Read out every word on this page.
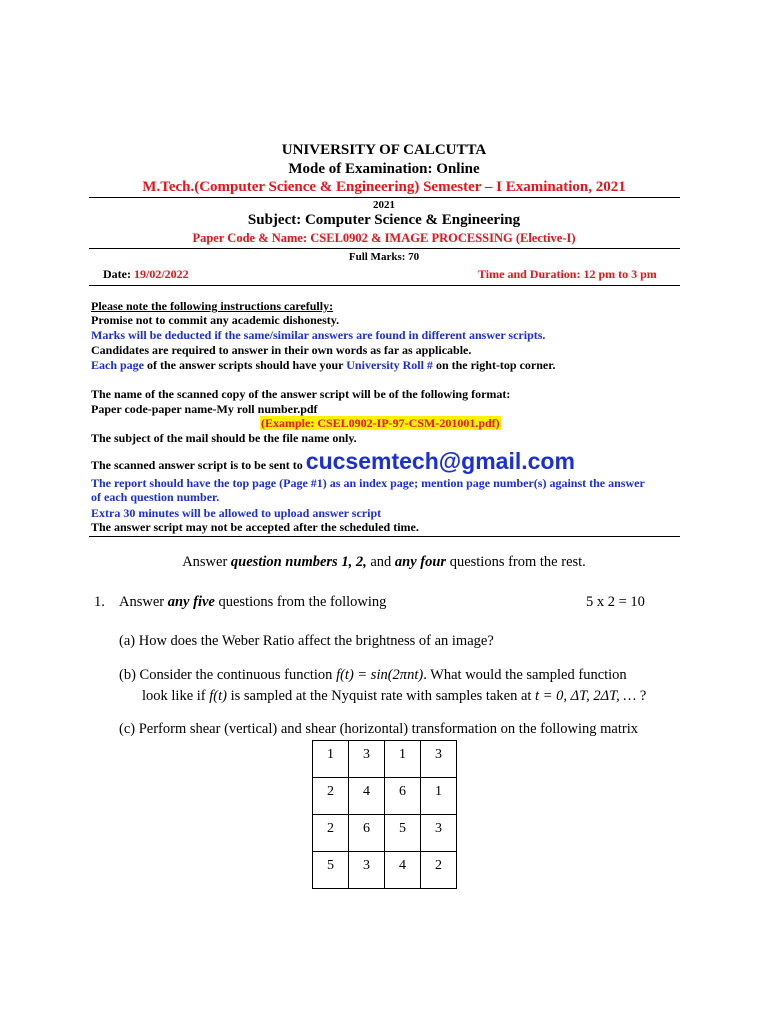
UNIVERSITY OF CALCUTTA
Mode of Examination: Online
M.Tech.(Computer Science & Engineering) Semester – I Examination, 2021
2021
Subject: Computer Science & Engineering
Paper Code & Name: CSEL0902 & IMAGE PROCESSING (Elective-I)
Full Marks: 70
Date: 19/02/2022	Time and Duration: 12 pm to 3 pm
Please note the following instructions carefully:
Promise not to commit any academic dishonesty.
Marks will be deducted if the same/similar answers are found in different answer scripts.
Candidates are required to answer in their own words as far as applicable.
Each page of the answer scripts should have your University Roll # on the right-top corner.
The name of the scanned copy of the answer script will be of the following format:
Paper code-paper name-My roll number.pdf
(Example: CSEL0902-IP-97-CSM-201001.pdf)
The subject of the mail should be the file name only.
The scanned answer script is to be sent to cucsemtech@gmail.com
The report should have the top page (Page #1) as an index page; mention page number(s) against the answer
of each question number.
Extra 30 minutes will be allowed to upload answer script
The answer script may not be accepted after the scheduled time.
Answer question numbers 1, 2, and any four questions from the rest.
1. Answer any five questions from the following	5 x 2 = 10
(a) How does the Weber Ratio affect the brightness of an image?
(b) Consider the continuous function f(t) = sin(2πnt). What would the sampled function
look like if f(t) is sampled at the Nyquist rate with samples taken at t = 0, ΔT, 2ΔT, … ?
(c) Perform shear (vertical) and shear (horizontal) transformation on the following matrix
1	3	1	3
2	4	6	1
2	6	5	3
5	3	4	2
